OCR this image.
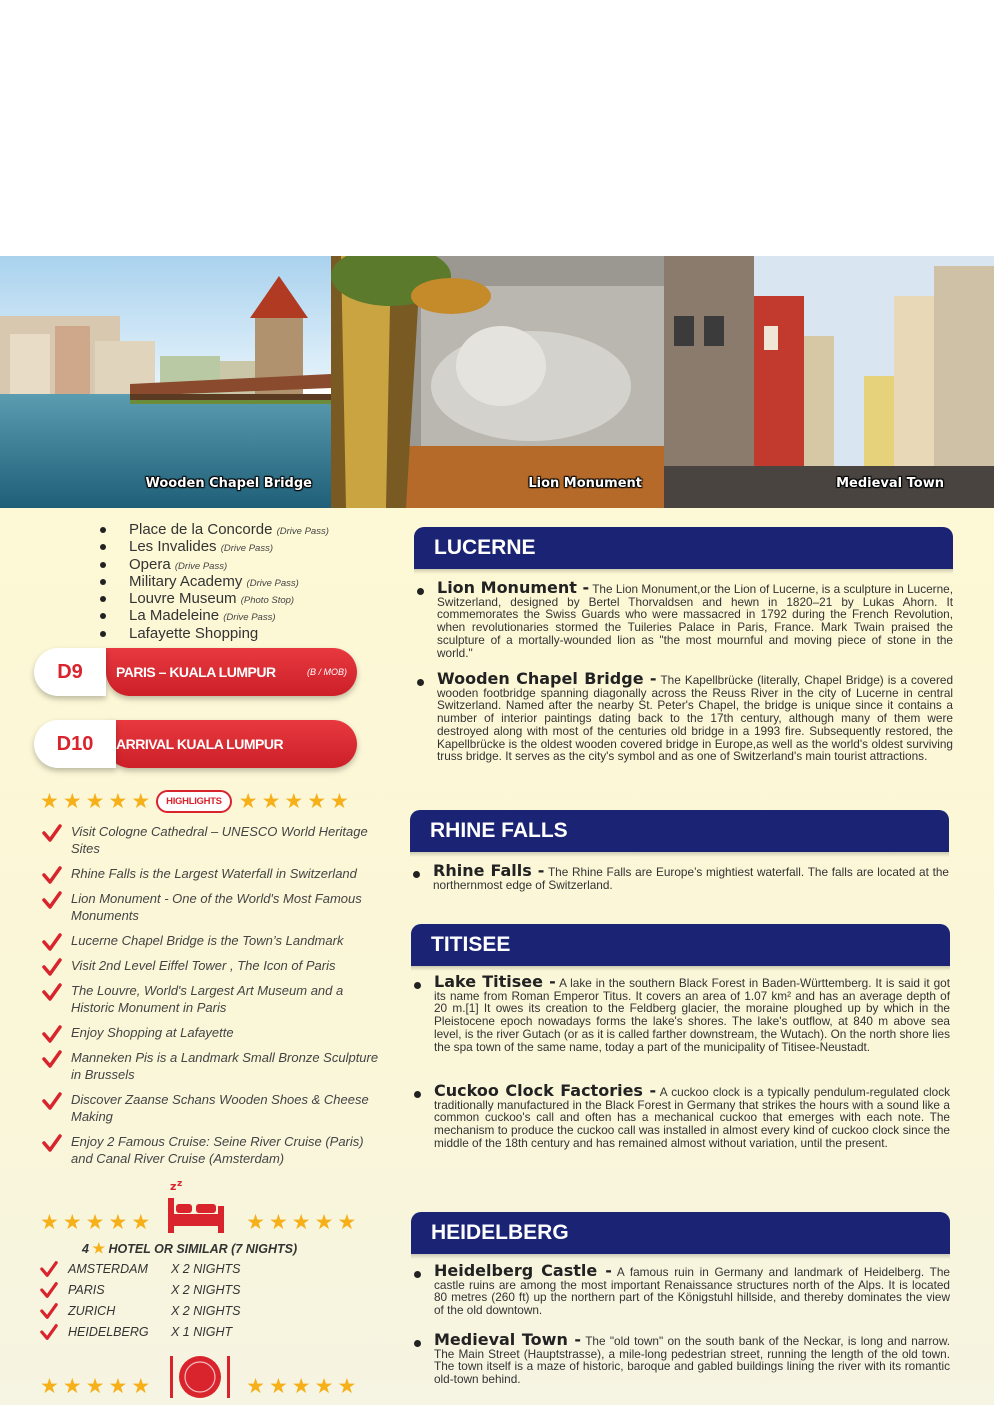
Wooden Chapel Bridge	Lion Monument	Medieval Town
Place de la Concorde (Drive Pass)
Les Invalides (Drive Pass)
Opera (Drive Pass)
Military Academy (Drive Pass)
Louvre Museum (Photo Stop)
La Madeleine (Drive Pass)
Lafayette Shopping
PARIS – KUALA LUMPUR	(B / MOB)
D9
ARRIVAL KUALA LUMPUR
D10
★ ★ ★ ★ ★	HIGHLIGHTS ★ ★ ★ ★ ★
Visit Cologne Cathedral – UNESCO World Heritage Sites
Rhine Falls is the Largest Waterfall in Switzerland
Lion Monument - One of the World's Most Famous Monuments
Lucerne Chapel Bridge is the Town’s Landmark
Visit 2nd Level Eiffel Tower , The Icon of Paris
The Louvre, World's Largest Art Museum and a Historic Monument in Paris
Enjoy Shopping at Lafayette
Manneken Pis is a Landmark Small Bronze Sculpture in Brussels
Discover Zaanse Schans Wooden Shoes & Cheese Making
Enjoy 2 Famous Cruise: Seine River Cruise (Paris) and Canal River Cruise (Amsterdam)
z z
★ ★ ★ ★ ★	★ ★ ★ ★ ★
4 ★ HOTEL OR SIMILAR (7 NIGHTS)
AMSTERDAM X 2 NIGHTS
PARIS	X 2 NIGHTS
ZURICH	X 2 NIGHTS
HEIDELBERG X 1 NIGHT
★ ★ ★ ★ ★	★ ★ ★ ★ ★
LUCERNE
Lion Monument - The Lion Monument,or the Lion of Lucerne, is a sculpture in Lucerne, Switzerland, designed by Bertel Thorvaldsen and hewn in 1820–21 by Lukas Ahorn. It commemorates the Swiss Guards who were massacred in 1792 during the French Revolution, when revolutionaries stormed the Tuileries Palace in Paris, France. Mark Twain praised the sculpture of a mortally-wounded lion as "the most mournful and moving piece of stone in the world."
Wooden Chapel Bridge - The Kapellbrücke (literally, Chapel Bridge) is a covered wooden footbridge spanning diagonally across the Reuss River in the city of Lucerne in central Switzerland. Named after the nearby St. Peter's Chapel, the bridge is unique since it contains a number of interior paintings dating back to the 17th century, although many of them were destroyed along with most of the centuries old bridge in a 1993 fire. Subsequently restored, the Kapellbrücke is the oldest wooden covered bridge in Europe,as well as the world's oldest surviving truss bridge. It serves as the city's symbol and as one of Switzerland's main tourist attractions.
RHINE FALLS
Rhine Falls - The Rhine Falls are Europe’s mightiest waterfall. The falls are located at the northernmost edge of Switzerland.
TITISEE
Lake Titisee - A lake in the southern Black Forest in Baden-Württemberg. It is said it got its name from Roman Emperor Titus. It covers an area of 1.07 km² and has an average depth of 20 m.[1] It owes its creation to the Feldberg glacier, the moraine ploughed up by which in the Pleistocene epoch nowadays forms the lake's shores. The lake's outflow, at 840 m above sea level, is the river Gutach (or as it is called farther downstream, the Wutach). On the north shore lies the spa town of the same name, today a part of the municipality of Titisee-Neustadt.
Cuckoo Clock Factories - A cuckoo clock is a typically pendulum-regulated clock traditionally manufactured in the Black Forest in Germany that strikes the hours with a sound like a common cuckoo's call and often has a mechanical cuckoo that emerges with each note. The mechanism to produce the cuckoo call was installed in almost every kind of cuckoo clock since the middle of the 18th century and has remained almost without variation, until the present.
HEIDELBERG
Heidelberg Castle - A famous ruin in Germany and landmark of Heidelberg. The castle ruins are among the most important Renaissance structures north of the Alps. It is located 80 metres (260 ft) up the northern part of the Königstuhl hillside, and thereby dominates the view of the old downtown.
Medieval Town - The "old town" on the south bank of the Neckar, is long and narrow. The Main Street (Hauptstrasse), a mile-long pedestrian street, running the length of the old town. The town itself is a maze of historic, baroque and gabled buildings lining the river with its romantic old-town behind.
